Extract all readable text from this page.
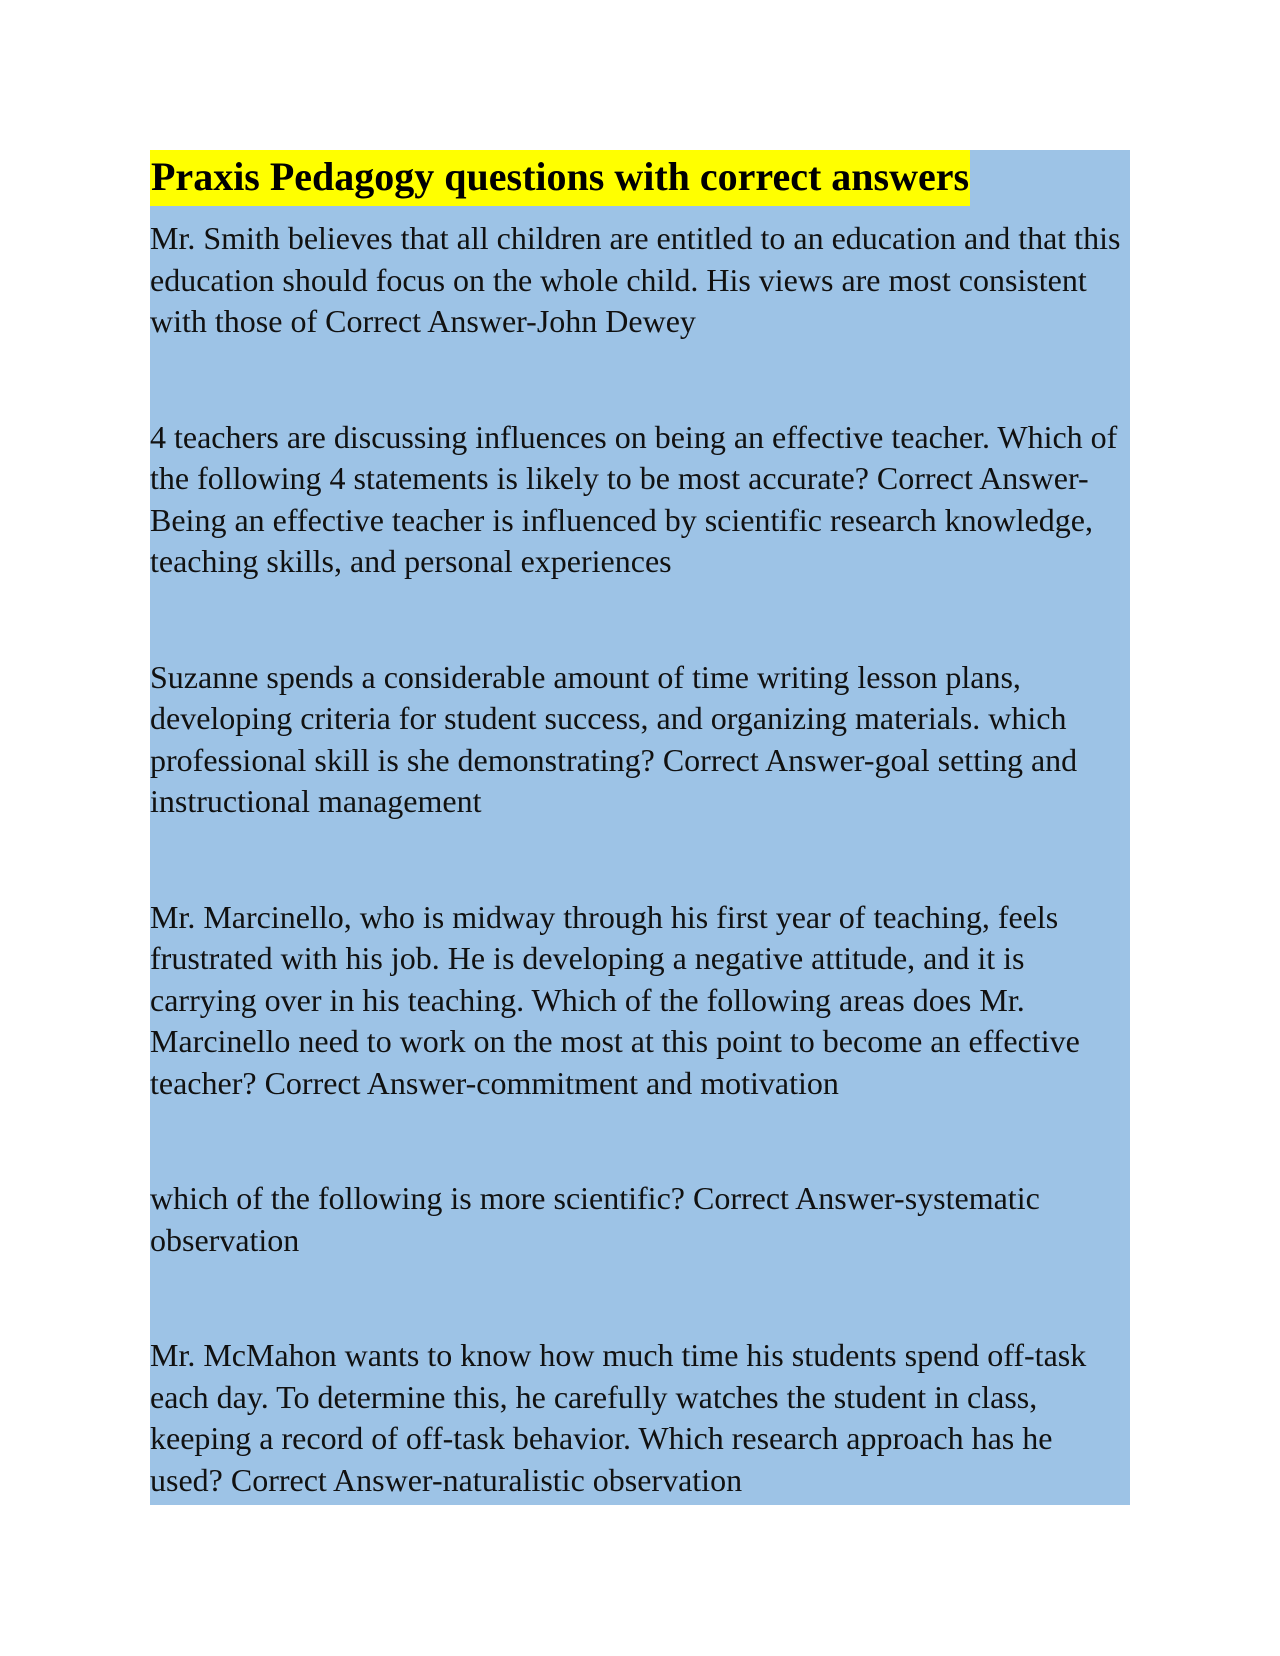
Praxis Pedagogy questions with correct answers

Mr. Smith believes that all children are entitled to an education and that this education should focus on the whole child. His views are most consistent with those of Correct Answer-John Dewey

4 teachers are discussing influences on being an effective teacher. Which of the following 4 statements is likely to be most accurate? Correct Answer-Being an effective teacher is influenced by scientific research knowledge, teaching skills, and personal experiences

Suzanne spends a considerable amount of time writing lesson plans, developing criteria for student success, and organizing materials. which professional skill is she demonstrating? Correct Answer-goal setting and instructional management

Mr. Marcinello, who is midway through his first year of teaching, feels frustrated with his job. He is developing a negative attitude, and it is carrying over in his teaching. Which of the following areas does Mr. Marcinello need to work on the most at this point to become an effective teacher? Correct Answer-commitment and motivation

which of the following is more scientific? Correct Answer-systematic observation

Mr. McMahon wants to know how much time his students spend off-task each day. To determine this, he carefully watches the student in class, keeping a record of off-task behavior. Which research approach has he used? Correct Answer-naturalistic observation
